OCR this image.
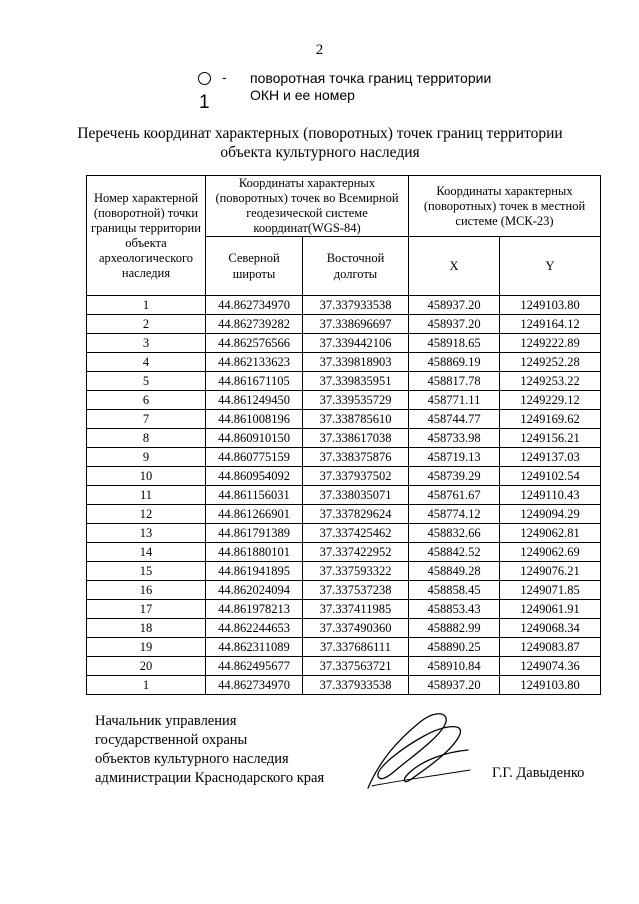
2
-
1
поворотная точка границ территории
ОКН и ее номер
Перечень координат характерных (поворотных) точек границ территории
объекта культурного наследия
Номер характерной (поворотной) точки границы территории объекта археологического наследия	Координаты характерных (поворотных) точек во Всемирной геодезической системе координат(WGS-84)		Координаты характерных (поворотных) точек в местной системе (МСК-23)	
	Северной широты	Восточной долготы	X	Y
1	44.862734970	37.337933538	458937.20	1249103.80
2	44.862739282	37.338696697	458937.20	1249164.12
3	44.862576566	37.339442106	458918.65	1249222.89
4	44.862133623	37.339818903	458869.19	1249252.28
5	44.861671105	37.339835951	458817.78	1249253.22
6	44.861249450	37.339535729	458771.11	1249229.12
7	44.861008196	37.338785610	458744.77	1249169.62
8	44.860910150	37.338617038	458733.98	1249156.21
9	44.860775159	37.338375876	458719.13	1249137.03
10	44.860954092	37.337937502	458739.29	1249102.54
11	44.861156031	37.338035071	458761.67	1249110.43
12	44.861266901	37.337829624	458774.12	1249094.29
13	44.861791389	37.337425462	458832.66	1249062.81
14	44.861880101	37.337422952	458842.52	1249062.69
15	44.861941895	37.337593322	458849.28	1249076.21
16	44.862024094	37.337537238	458858.45	1249071.85
17	44.861978213	37.337411985	458853.43	1249061.91
18	44.862244653	37.337490360	458882.99	1249068.34
19	44.862311089	37.337686111	458890.25	1249083.87
20	44.862495677	37.337563721	458910.84	1249074.36
1	44.862734970	37.337933538	458937.20	1249103.80
Начальник управления
государственной охраны
объектов культурного наследия
администрации Краснодарского края	Г.Г. Давыденко
